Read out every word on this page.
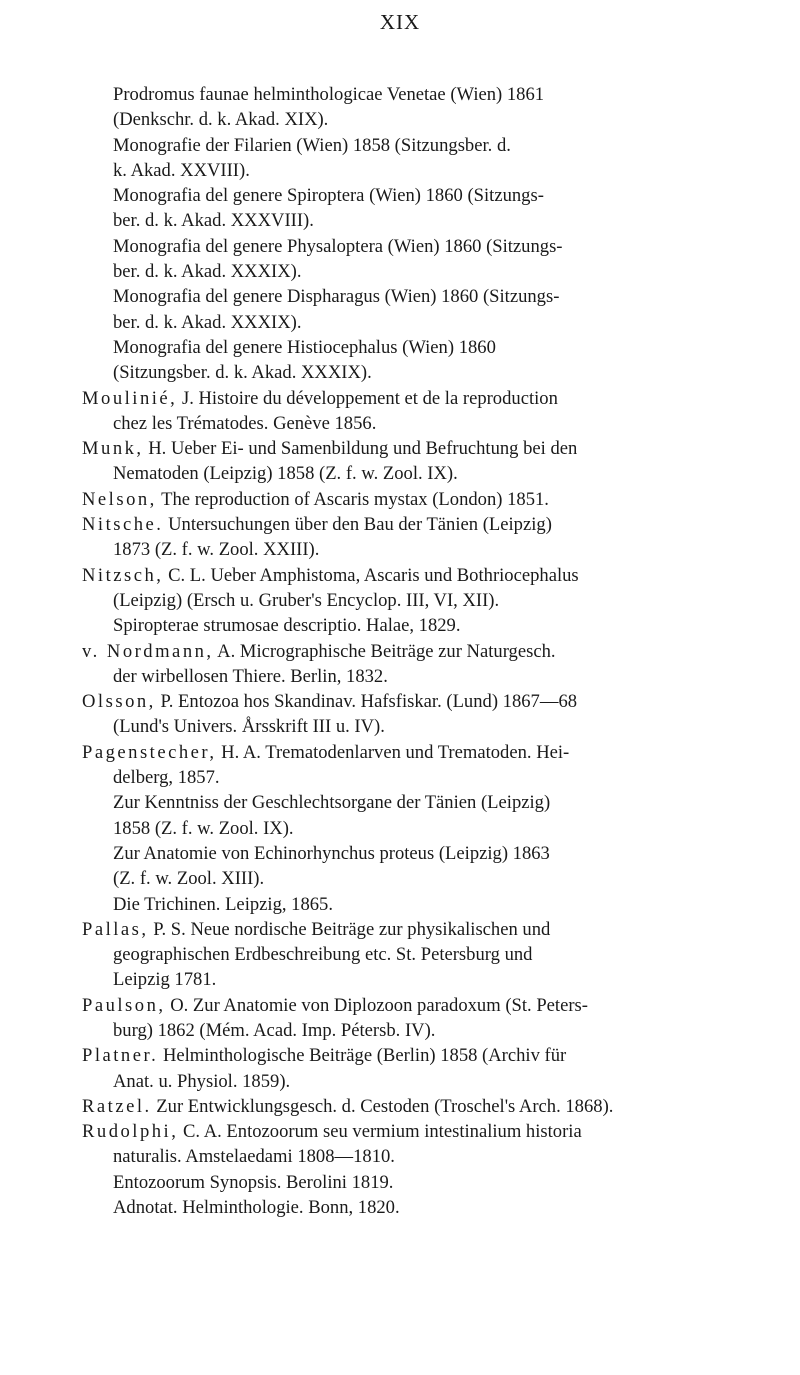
XIX
Prodromus faunae helminthologicae Venetae (Wien) 1861
(Denkschr. d. k. Akad. XIX).
Monografie der Filarien (Wien) 1858 (Sitzungsber. d.
k. Akad. XXVIII).
Monografia del genere Spiroptera (Wien) 1860 (Sitzungs-
ber. d. k. Akad. XXXVIII).
Monografia del genere Physaloptera (Wien) 1860 (Sitzungs-
ber. d. k. Akad. XXXIX).
Monografia del genere Dispharagus (Wien) 1860 (Sitzungs-
ber. d. k. Akad. XXXIX).
Monografia del genere Histiocephalus (Wien) 1860
(Sitzungsber. d. k. Akad. XXXIX).
Moulinié, J. Histoire du développement et de la reproduction
chez les Trématodes. Genève 1856.
Munk, H. Ueber Ei- und Samenbildung und Befruchtung bei den
Nematoden (Leipzig) 1858 (Z. f. w. Zool. IX).
Nelson, The reproduction of Ascaris mystax (London) 1851.
Nitsche. Untersuchungen über den Bau der Tänien (Leipzig)
1873 (Z. f. w. Zool. XXIII).
Nitzsch, C. L. Ueber Amphistoma, Ascaris und Bothriocephalus
(Leipzig) (Ersch u. Gruber's Encyclop. III, VI, XII).
Spiropterae strumosae descriptio. Halae, 1829.
v. Nordmann, A. Micrographische Beiträge zur Naturgesch.
der wirbellosen Thiere. Berlin, 1832.
Olsson, P. Entozoa hos Skandinav. Hafsfiskar. (Lund) 1867—68
(Lund's Univers. Årsskrift III u. IV).
Pagenstecher, H. A. Trematodenlarven und Trematoden. Hei-
delberg, 1857.
Zur Kenntniss der Geschlechtsorgane der Tänien (Leipzig)
1858 (Z. f. w. Zool. IX).
Zur Anatomie von Echinorhynchus proteus (Leipzig) 1863
(Z. f. w. Zool. XIII).
Die Trichinen. Leipzig, 1865.
Pallas, P. S. Neue nordische Beiträge zur physikalischen und
geographischen Erdbeschreibung etc. St. Petersburg und
Leipzig 1781.
Paulson, O. Zur Anatomie von Diplozoon paradoxum (St. Peters-
burg) 1862 (Mém. Acad. Imp. Pétersb. IV).
Platner. Helminthologische Beiträge (Berlin) 1858 (Archiv für
Anat. u. Physiol. 1859).
Ratzel. Zur Entwicklungsgesch. d. Cestoden (Troschel's Arch. 1868).
Rudolphi, C. A. Entozoorum seu vermium intestinalium historia
naturalis. Amstelaedami 1808—1810.
Entozoorum Synopsis. Berolini 1819.
Adnotat. Helminthologie. Bonn, 1820.
